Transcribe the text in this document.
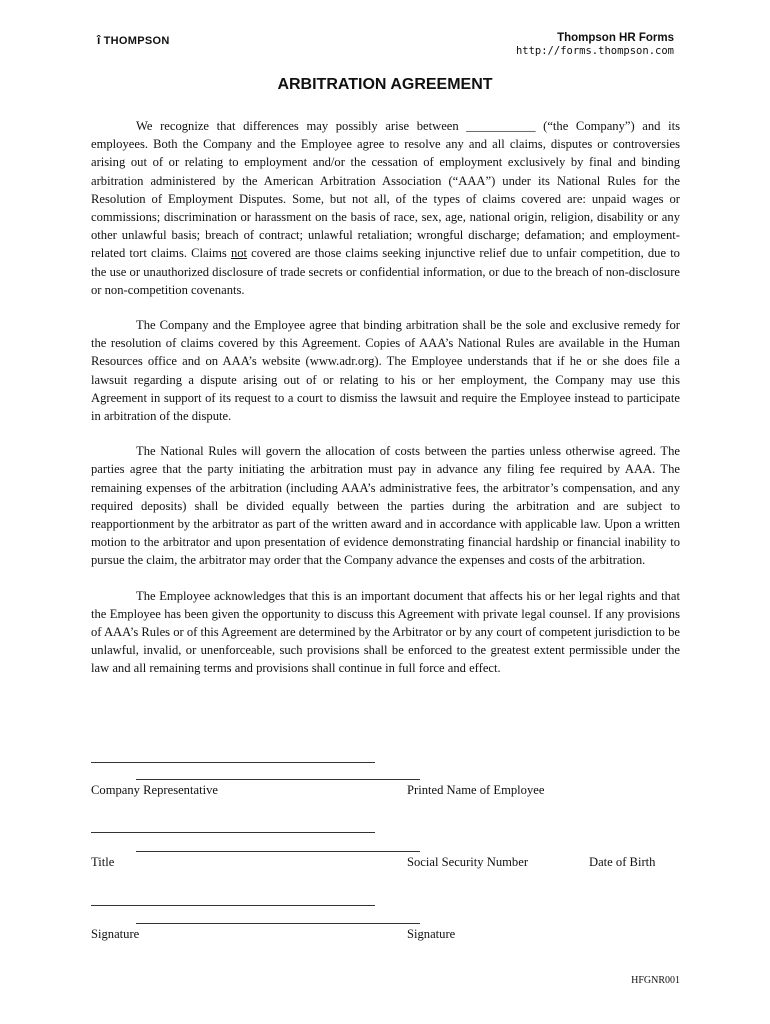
î THOMPSON	Thompson HR Forms
http://forms.thompson.com
ARBITRATION AGREEMENT

We recognize that differences may possibly arise between ___________ (“the Company”) and its employees. Both the Company and the Employee agree to resolve any and all claims, disputes or controversies arising out of or relating to employment and/or the cessation of employment exclusively by final and binding arbitration administered by the American Arbitration Association (“AAA”) under its National Rules for the Resolution of Employment Disputes. Some, but not all, of the types of claims covered are: unpaid wages or commissions; discrimination or harassment on the basis of race, sex, age, national origin, religion, disability or any other unlawful basis; breach of contract; unlawful retaliation; wrongful discharge; defamation; and employment-related tort claims. Claims not covered are those claims seeking injunctive relief due to unfair competition, due to the use or unauthorized disclosure of trade secrets or confidential information, or due to the breach of non-disclosure or non-competition covenants.

The Company and the Employee agree that binding arbitration shall be the sole and exclusive remedy for the resolution of claims covered by this Agreement. Copies of AAA’s National Rules are available in the Human Resources office and on AAA’s website (www.adr.org). The Employee understands that if he or she does file a lawsuit regarding a dispute arising out of or relating to his or her employment, the Company may use this Agreement in support of its request to a court to dismiss the lawsuit and require the Employee instead to participate in arbitration of the dispute.

The National Rules will govern the allocation of costs between the parties unless otherwise agreed. The parties agree that the party initiating the arbitration must pay in advance any filing fee required by AAA. The remaining expenses of the arbitration (including AAA’s administrative fees, the arbitrator’s compensation, and any required deposits) shall be divided equally between the parties during the arbitration and are subject to reapportionment by the arbitrator as part of the written award and in accordance with applicable law. Upon a written motion to the arbitrator and upon presentation of evidence demonstrating financial hardship or financial inability to pursue the claim, the arbitrator may order that the Company advance the expenses and costs of the arbitration.

The Employee acknowledges that this is an important document that affects his or her legal rights and that the Employee has been given the opportunity to discuss this Agreement with private legal counsel. If any provisions of AAA’s Rules or of this Agreement are determined by the Arbitrator or by any court of competent jurisdiction to be unlawful, invalid, or unenforceable, such provisions shall be enforced to the greatest extent permissible under the law and all remaining terms and provisions shall continue in full force and effect.

Company Representative	Printed Name of Employee
Title	Social Security Number	Date of Birth
Signature	Signature
HFGNR001
